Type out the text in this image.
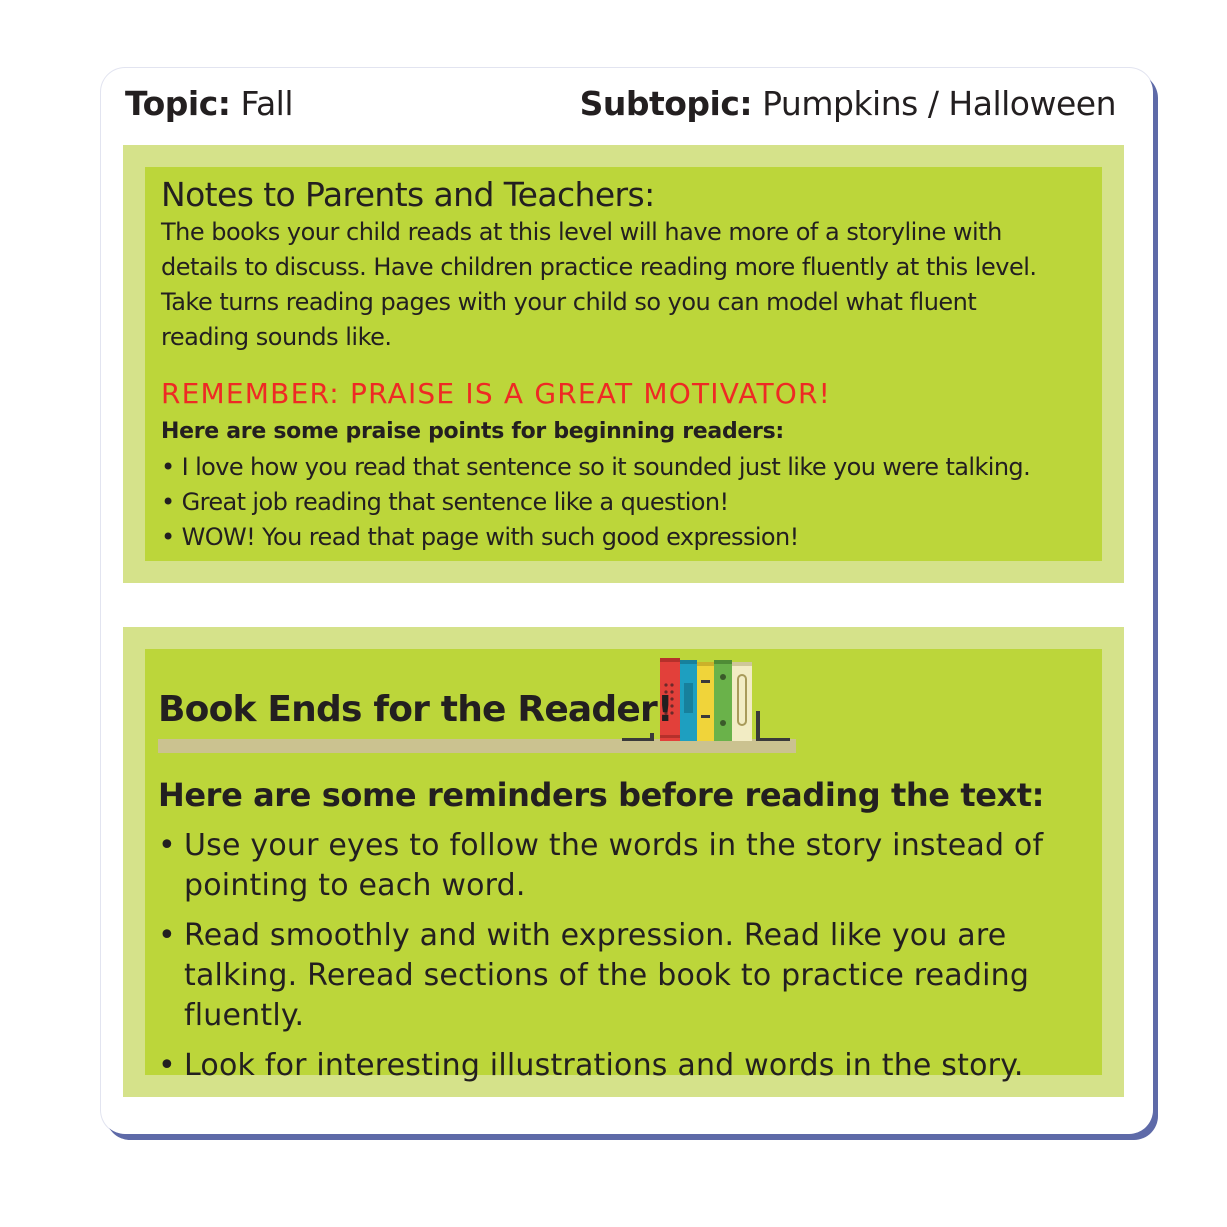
Topic: Fall	Subtopic: Pumpkins / Halloween
Notes to Parents and Teachers:
The books your child reads at this level will have more of a storyline with details to discuss. Have children practice reading more fluently at this level. Take turns reading pages with your child so you can model what fluent reading sounds like.
REMEMBER: PRAISE IS A GREAT MOTIVATOR!
Here are some praise points for beginning readers:
• I love how you read that sentence so it sounded just like you were talking.
• Great job reading that sentence like a question!
• WOW! You read that page with such good expression!
Book Ends for the Reader!
Here are some reminders before reading the text:
• Use your eyes to follow the words in the story instead of pointing to each word.
• Read smoothly and with expression. Read like you are talking. Reread sections of the book to practice reading fluently.
• Look for interesting illustrations and words in the story.
